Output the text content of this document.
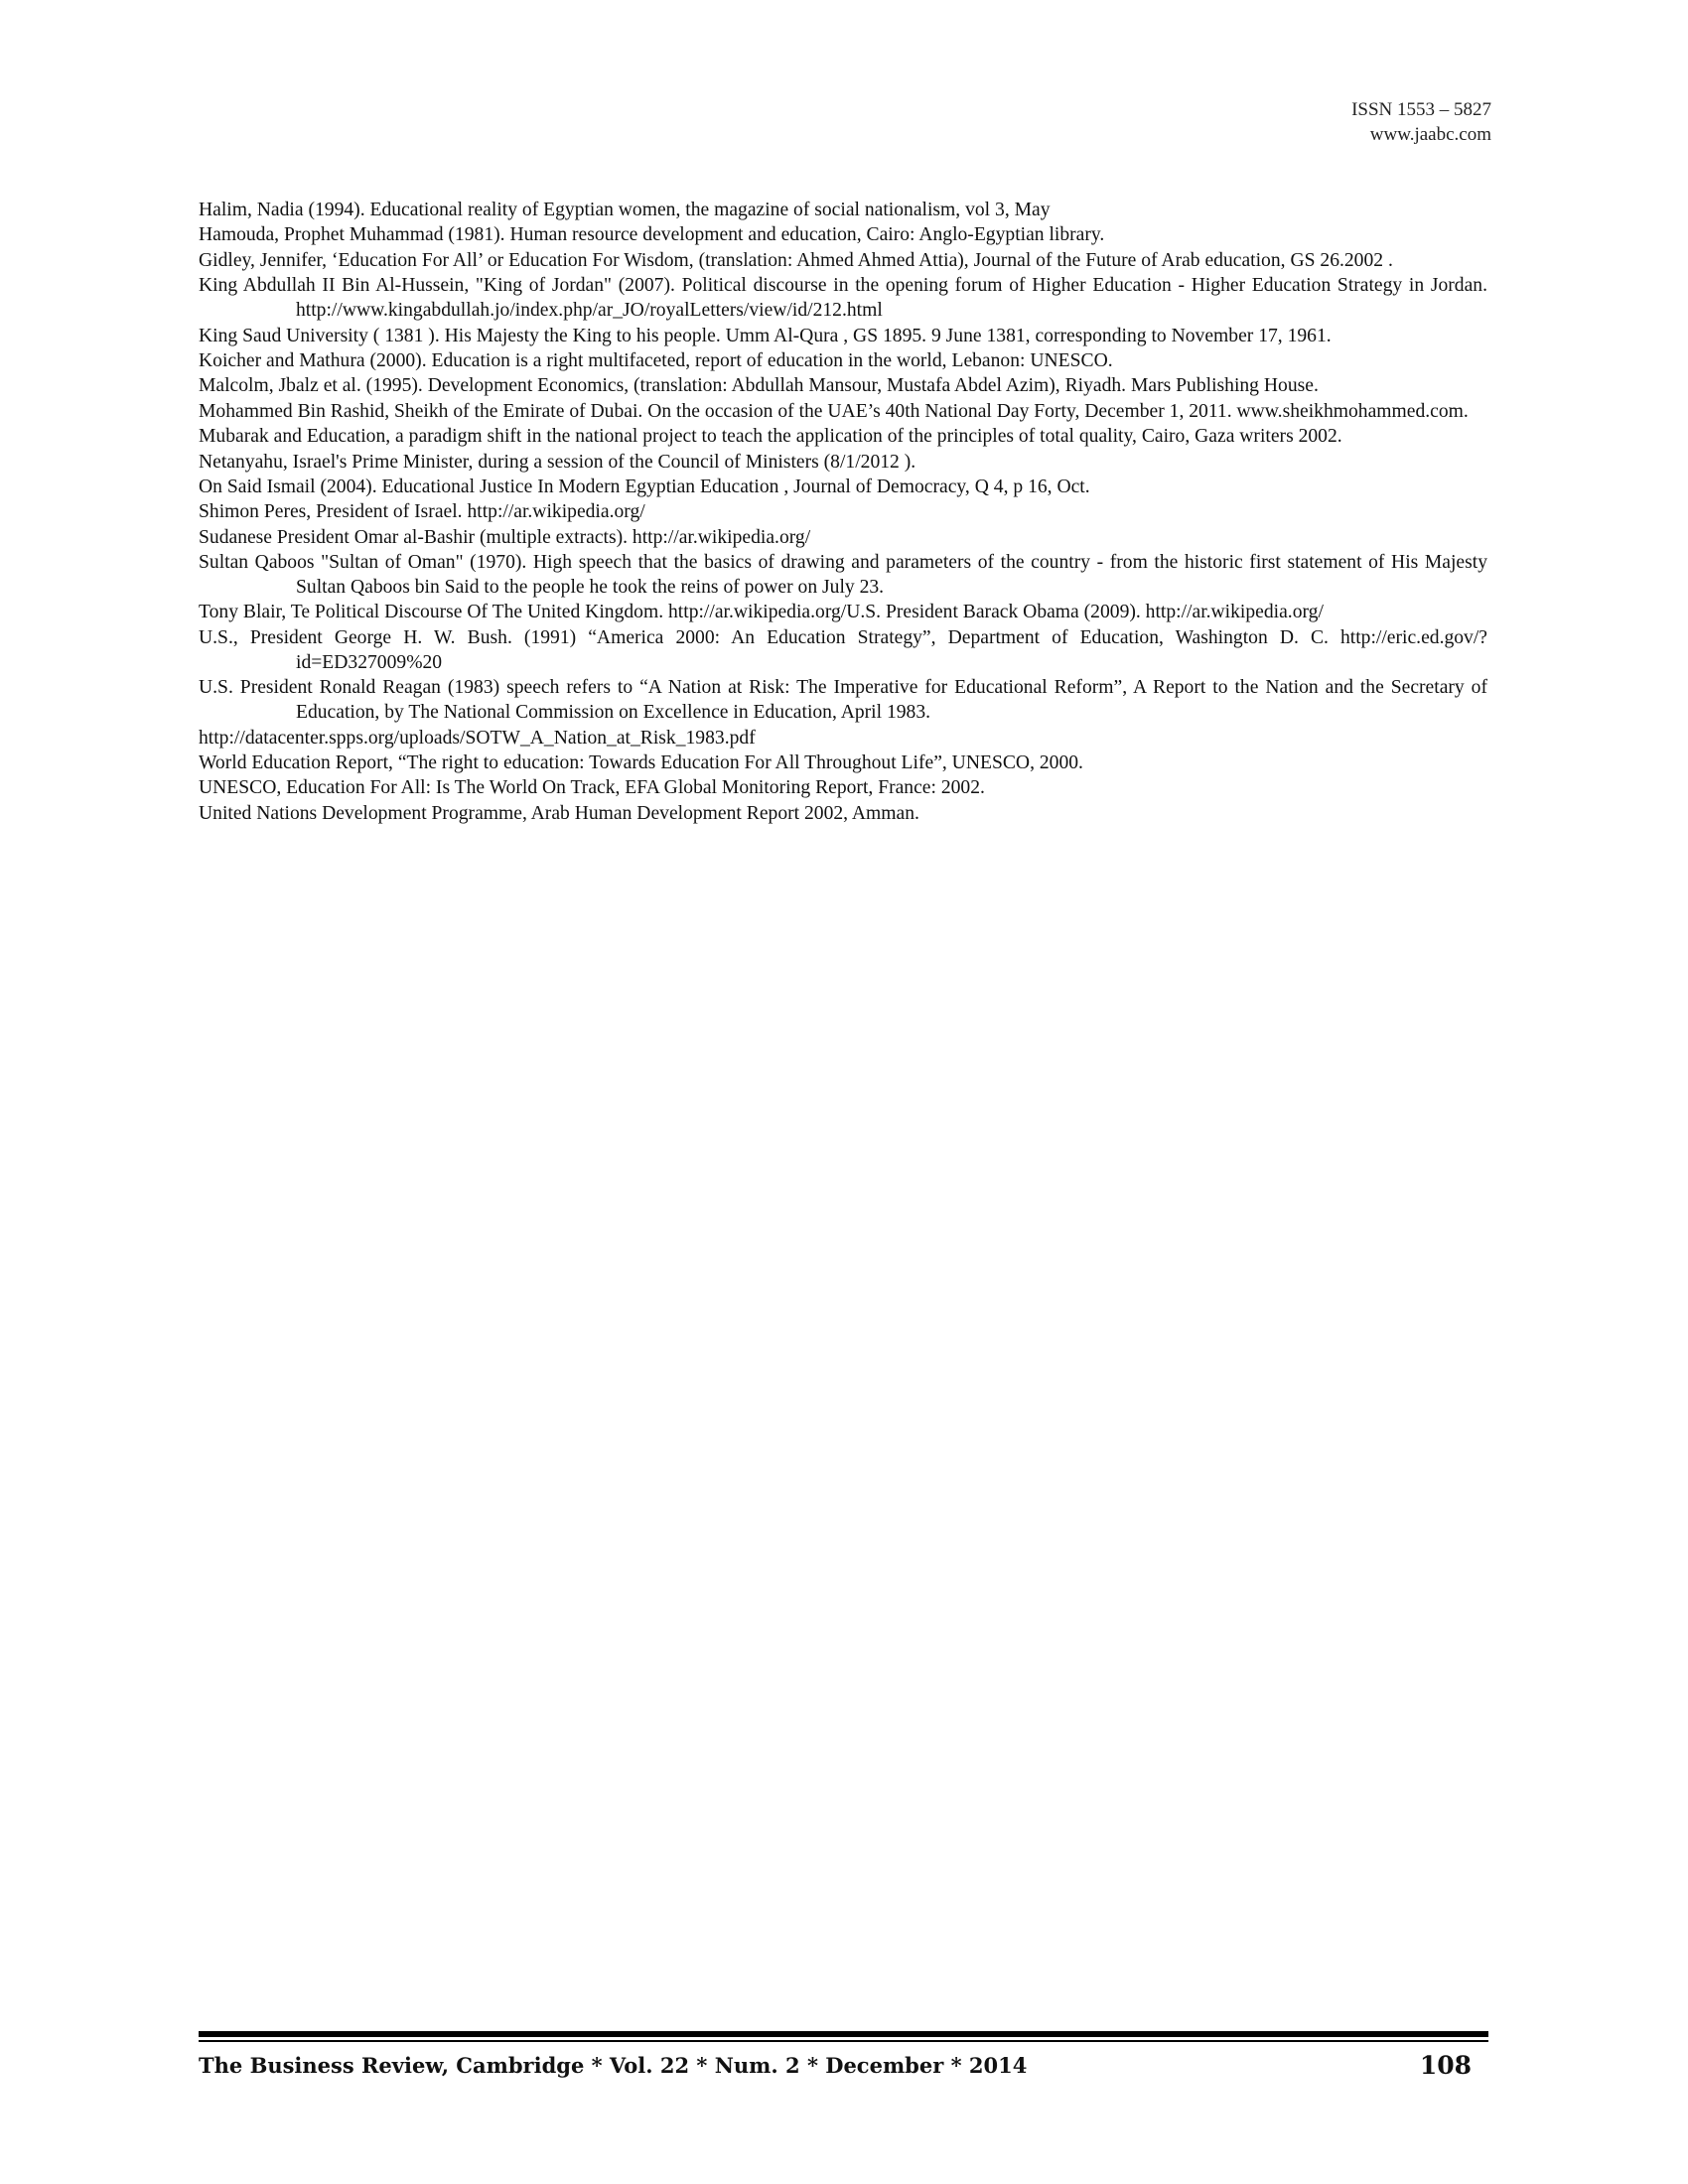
ISSN 1553 – 5827
www.jaabc.com

Halim, Nadia (1994). Educational reality of Egyptian women, the magazine of social nationalism, vol 3, May

Hamouda, Prophet Muhammad (1981). Human resource development and education, Cairo: Anglo-Egyptian library.

Gidley, Jennifer, ‘Education For All’ or Education For Wisdom, (translation: Ahmed Ahmed Attia), Journal of the Future of Arab education, GS 26.2002 .

King Abdullah II Bin Al-Hussein, "King of Jordan" (2007). Political discourse in the opening forum of Higher Education - Higher Education Strategy in Jordan. http://www.kingabdullah.jo/index.php/ar_JO/royalLetters/view/id/212.html

King Saud University ( 1381 ). His Majesty the King to his people. Umm Al-Qura , GS 1895. 9 June 1381, corresponding to November 17, 1961.

Koicher and Mathura (2000). Education is a right multifaceted, report of education in the world, Lebanon: UNESCO.

Malcolm, Jbalz et al. (1995). Development Economics, (translation: Abdullah Mansour, Mustafa Abdel Azim), Riyadh. Mars Publishing House.

Mohammed Bin Rashid, Sheikh of the Emirate of Dubai. On the occasion of the UAE’s 40th National Day Forty, December 1, 2011. www.sheikhmohammed.com.

Mubarak and Education, a paradigm shift in the national project to teach the application of the principles of total quality, Cairo, Gaza writers 2002.

Netanyahu, Israel's Prime Minister, during a session of the Council of Ministers (8/1/2012 ).

On Said Ismail (2004). Educational Justice In Modern Egyptian Education , Journal of Democracy, Q 4, p 16, Oct.

Shimon Peres, President of Israel. http://ar.wikipedia.org/

Sudanese President Omar al-Bashir (multiple extracts). http://ar.wikipedia.org/

Sultan Qaboos "Sultan of Oman" (1970). High speech that the basics of drawing and parameters of the country - from the historic first statement of His Majesty Sultan Qaboos bin Said to the people he took the reins of power on July 23.

Tony Blair, Te Political Discourse Of The United Kingdom. http://ar.wikipedia.org/U.S. President Barack Obama (2009). http://ar.wikipedia.org/

U.S., President George H. W. Bush. (1991) “America 2000: An Education Strategy”, Department of Education, Washington D. C. http://eric.ed.gov/?id=ED327009%20

U.S. President Ronald Reagan (1983) speech refers to “A Nation at Risk: The Imperative for Educational Reform”, A Report to the Nation and the Secretary of Education, by The National Commission on Excellence in Education, April 1983.

http://datacenter.spps.org/uploads/SOTW_A_Nation_at_Risk_1983.pdf

World Education Report, “The right to education: Towards Education For All Throughout Life”, UNESCO, 2000.

UNESCO, Education For All: Is The World On Track, EFA Global Monitoring Report, France: 2002.

United Nations Development Programme, Arab Human Development Report 2002, Amman.

The Business Review, Cambridge * Vol. 22 * Num. 2 * December * 2014	108
